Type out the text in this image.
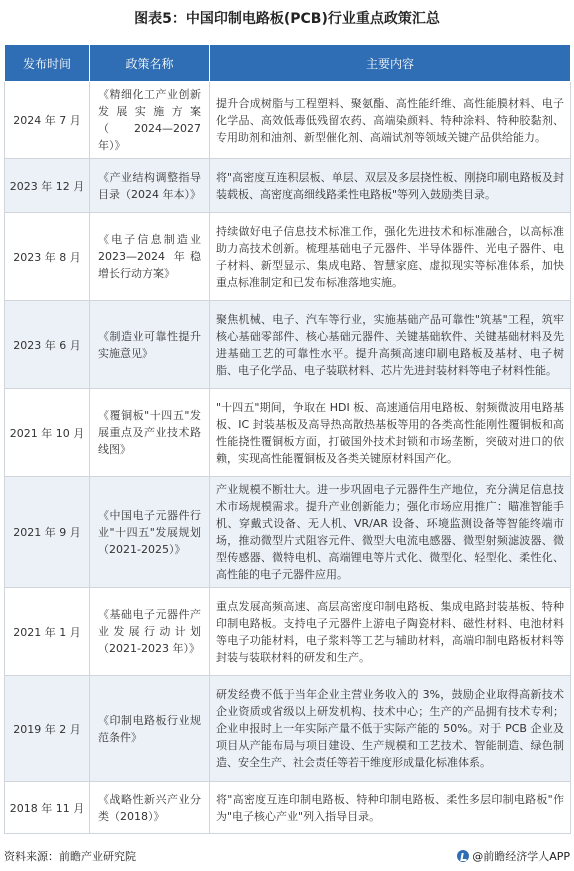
图表5：中国印制电路板(PCB)行业重点政策汇总
发布时间	政策名称	主要内容
2024 年 7 月	《精细化工产业创新发展实施方案（2024—2027 年）》	提升合成树脂与工程塑料、聚氨酯、高性能纤维、高性能膜材料、电子化学品、高效低毒低残留农药、高端染颜料、特种涂料、特种胶黏剂、专用助剂和油剂、新型催化剂、高端试剂等领域关键产品供给能力。
2023 年 12 月	《产业结构调整指导目录（2024 年本）》	将"高密度互连积层板、单层、双层及多层挠性板、刚挠印刷电路板及封装载板、高密度高细线路柔性电路板"等列入鼓励类目录。
2023 年 8 月	《电子信息制造业 2023—2024 年稳增长行动方案》	持续做好电子信息技术标准工作，强化先进技术和标准融合，以高标准助力高技术创新。梳理基础电子元器件、半导体器件、光电子器件、电子材料、新型显示、集成电路、智慧家庭、虚拟现实等标准体系，加快重点标准制定和已发布标准落地实施。
2023 年 6 月	《制造业可靠性提升实施意见》	聚焦机械、电子、汽车等行业，实施基础产品可靠性"筑基"工程，筑牢核心基础零部件、核心基础元器件、关键基础软件、关键基础材料及先进基础工艺的可靠性水平。提升高频高速印刷电路板及基材、电子树脂、电子化学品、电子装联材料、芯片先进封装材料等电子材料性能。
2021 年 10 月	《覆铜板"十四五"发展重点及产业技术路线图》	"十四五"期间，争取在 HDI 板、高速通信用电路板、射频微波用电路基板、IC 封装基板及高导热高散热基板等用的各类高性能刚性覆铜板和高性能挠性覆铜板方面，打破国外技术封锁和市场垄断，突破对进口的依赖，实现高性能覆铜板及各类关键原材料国产化。
2021 年 9 月	《中国电子元器件行业"十四五"发展规划（2021-2025）》	产业规模不断壮大。进一步巩固电子元器件生产地位，充分满足信息技术市场规模需求。提升产业创新能力；强化市场应用推广：瞄准智能手机、穿戴式设备、无人机、VR/AR 设备、环境监测设备等智能终端市场，推动微型片式阻容元件、微型大电流电感器、微型射频滤波器、微型传感器、微特电机、高端锂电等片式化、微型化、轻型化、柔性化、高性能的电子元器件应用。
2021 年 1 月	《基础电子元器件产业发展行动计划（2021-2023 年）》	重点发展高频高速、高层高密度印制电路板、集成电路封装基板、特种印制电路板。支持电子元器件上游电子陶瓷材料、磁性材料、电池材料等电子功能材料，电子浆料等工艺与辅助材料，高端印制电路板材料等封装与装联材料的研发和生产。
2019 年 2 月	《印制电路板行业规范条件》	研发经费不低于当年企业主营业务收入的 3%，鼓励企业取得高新技术企业资质或省级以上研发机构、技术中心；生产的产品拥有技术专利；企业申报时上一年实际产量不低于实际产能的 50%。对于 PCB 企业及项目从产能布局与项目建设、生产规模和工艺技术、智能制造、绿色制造、安全生产、社会责任等若干维度形成量化标准体系。
2018 年 11 月	《战略性新兴产业分类（2018）》	将"高密度互连印制电路板、特种印制电路板、柔性多层印制电路板"作为"电子核心产业"列入指导目录。
资料来源：前瞻产业研究院	@前瞻经济学人APP
